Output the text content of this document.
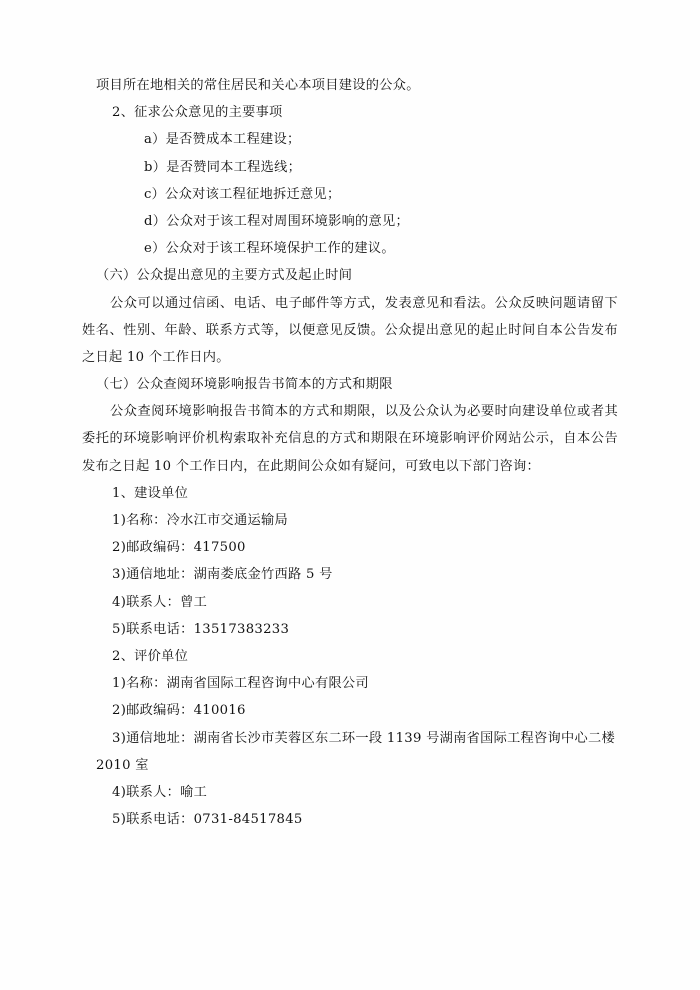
项目所在地相关的常住居民和关心本项目建设的公众。

2、征求公众意见的主要事项

a）是否赞成本工程建设；

b）是否赞同本工程选线；

c）公众对该工程征地拆迁意见；

d）公众对于该工程对周围环境影响的意见；

e）公众对于该工程环境保护工作的建议。

（六）公众提出意见的主要方式及起止时间

公众可以通过信函、电话、电子邮件等方式，发表意见和看法。公众反映问题请留下姓名、性别、年龄、联系方式等，以便意见反馈。公众提出意见的起止时间自本公告发布之日起 10 个工作日内。

（七）公众查阅环境影响报告书简本的方式和期限

公众查阅环境影响报告书简本的方式和期限，以及公众认为必要时向建设单位或者其委托的环境影响评价机构索取补充信息的方式和期限在环境影响评价网站公示，自本公告发布之日起 10 个工作日内，在此期间公众如有疑问，可致电以下部门咨询：

1、建设单位

1)名称：冷水江市交通运输局

2)邮政编码：417500

3)通信地址：湖南娄底金竹西路 5 号

4)联系人：曾工

5)联系电话：13517383233

2、评价单位

1)名称：湖南省国际工程咨询中心有限公司

2)邮政编码：410016

3)通信地址：湖南省长沙市芙蓉区东二环一段 1139 号湖南省国际工程咨询中心二楼

2010 室

4)联系人：喻工

5)联系电话：0731-84517845
